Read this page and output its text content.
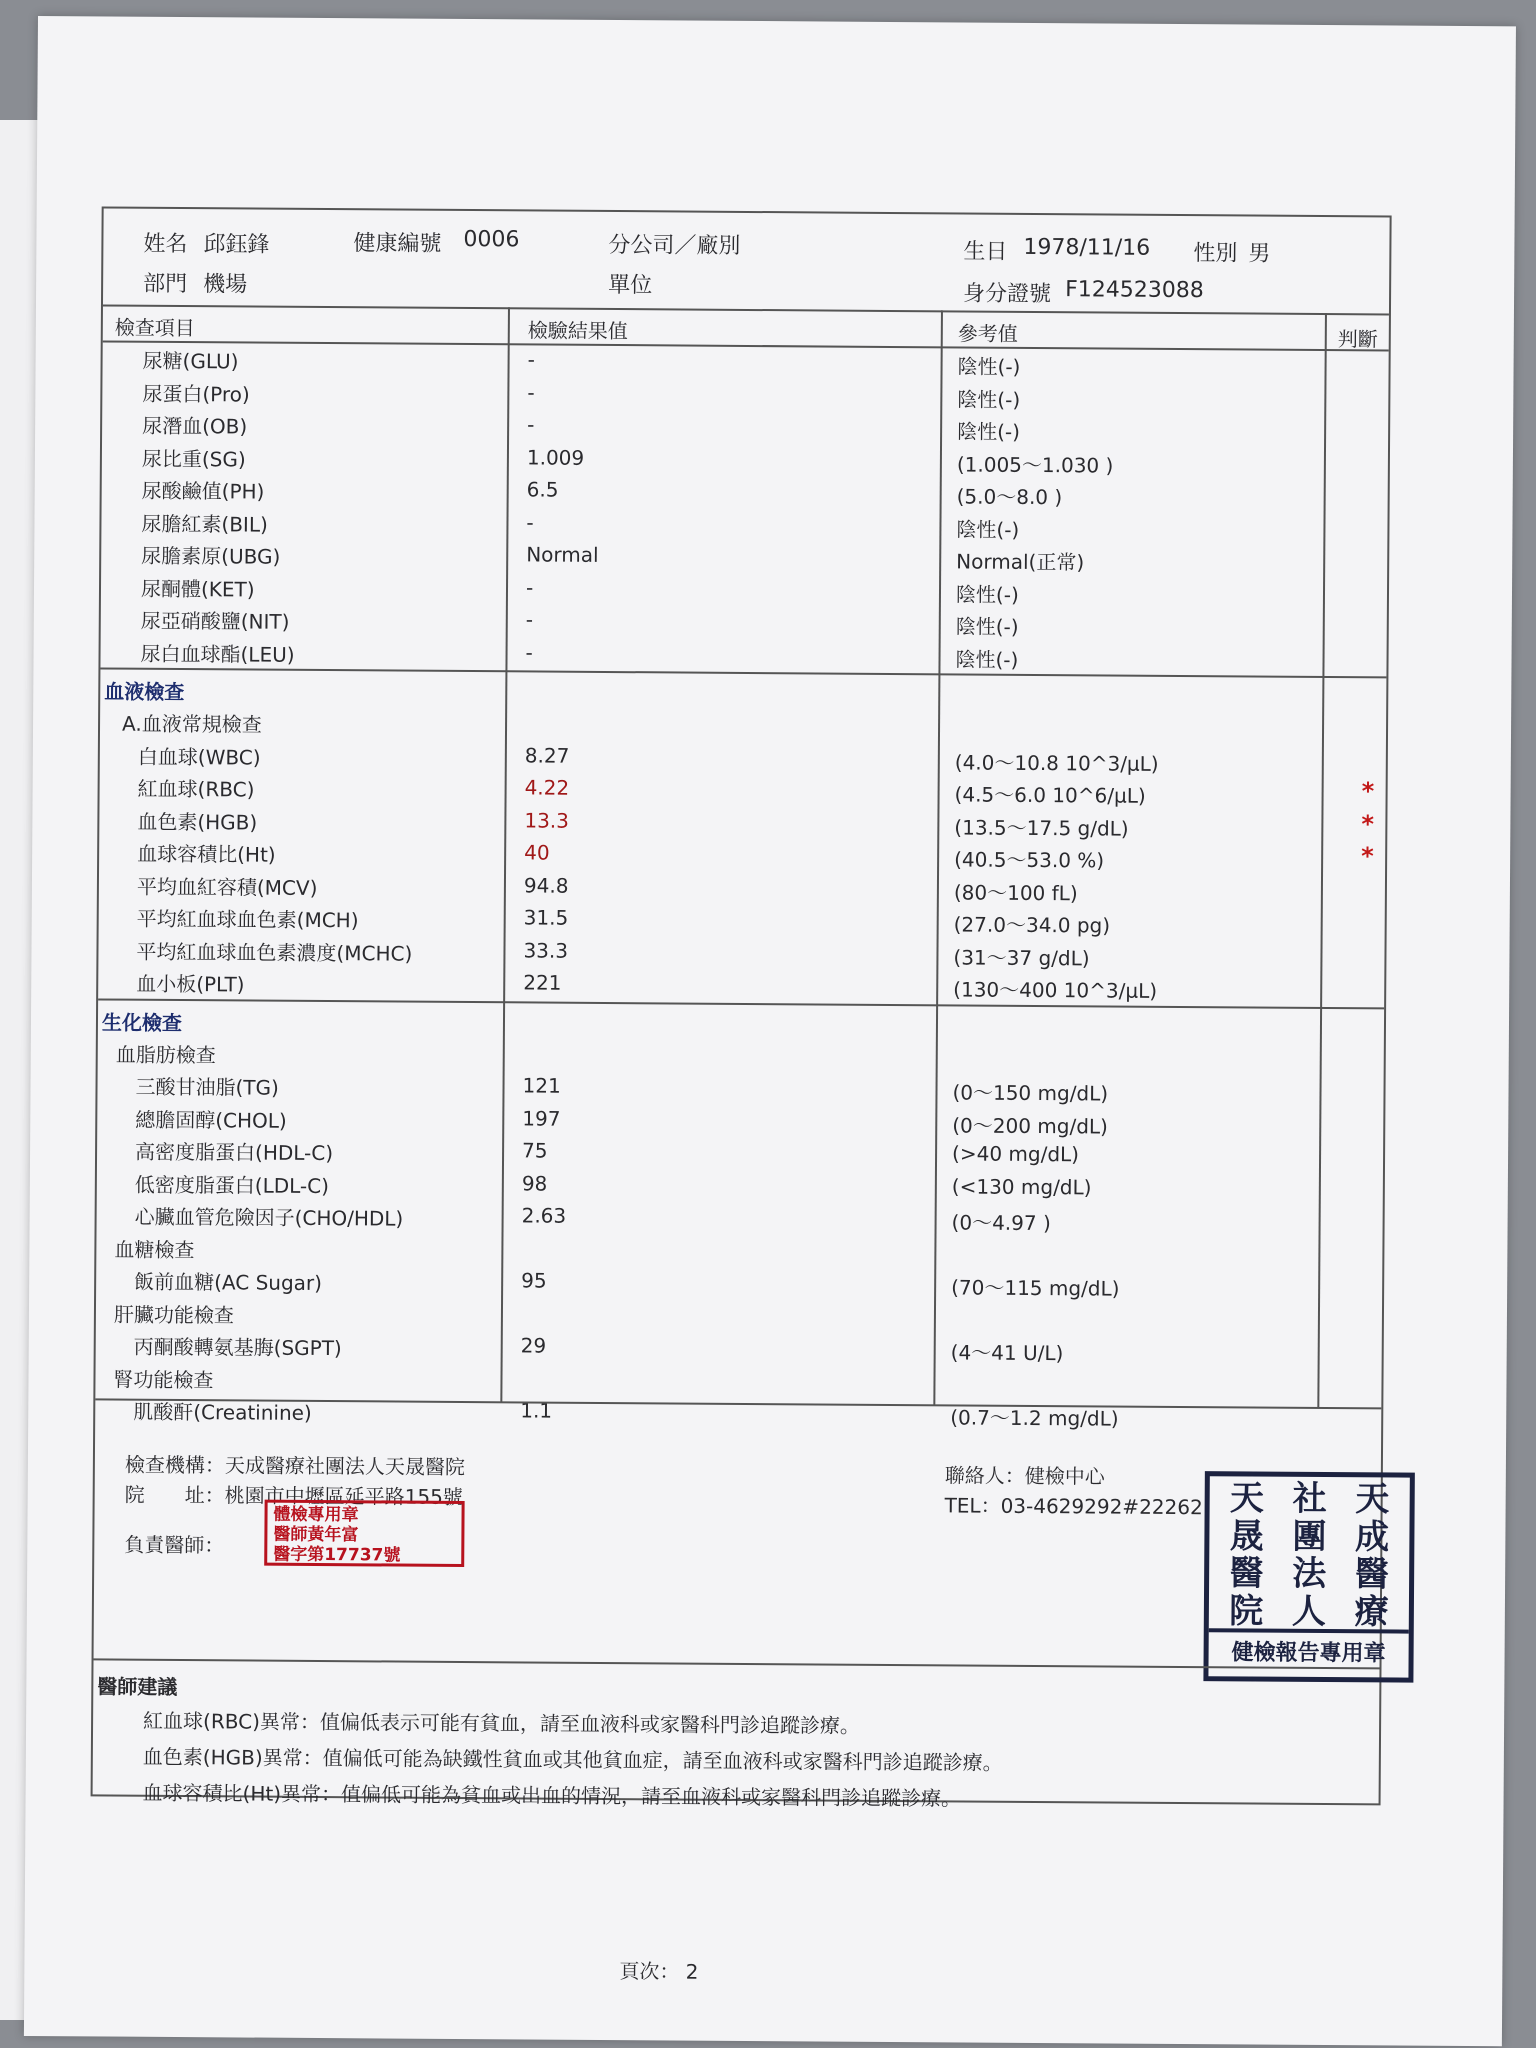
姓名 邱鈺鋒	健康編號 0006	分公司／廠別	生日 1978/11/16 性別 男
部門 機場	單位	身分證號 F124523088
檢查項目	檢驗結果值	參考值	判斷
尿糖(GLU)	-	陰性(-)
尿蛋白(Pro)	-	陰性(-)
尿潛血(OB)	-	陰性(-)
尿比重(SG)	1.009	(1.005～1.030 )
尿酸鹼值(PH)	6.5	(5.0～8.0 )
尿膽紅素(BIL)	-	陰性(-)
尿膽素原(UBG)	Normal	Normal(正常)
尿酮體(KET)	-	陰性(-)
尿亞硝酸鹽(NIT)	-	陰性(-)
尿白血球酯(LEU)	-	陰性(-)
血液檢查
A.血液常規檢查
白血球(WBC)	8.27	(4.0～10.8 10^3/μL)
紅血球(RBC)	4.22	(4.5～6.0 10^6/μL)	*
血色素(HGB)	13.3	(13.5～17.5 g/dL)	*
血球容積比(Ht)	40	(40.5～53.0 %)	*
平均血紅容積(MCV)	94.8	(80～100 fL)
平均紅血球血色素(MCH)	31.5	(27.0～34.0 pg)
平均紅血球血色素濃度(MCHC)	33.3	(31～37 g/dL)
血小板(PLT)	221	(130～400 10^3/μL)
生化檢查
血脂肪檢查
三酸甘油脂(TG)	121	(0～150 mg/dL)
總膽固醇(CHOL)	197	(0～200 mg/dL)
高密度脂蛋白(HDL-C)	75	(>40 mg/dL)
低密度脂蛋白(LDL-C)	98	(<130 mg/dL)
心臟血管危險因子(CHO/HDL)	2.63	(0～4.97 )
血糖檢查
飯前血糖(AC Sugar)	95	(70～115 mg/dL)
肝臟功能檢查
丙酮酸轉氨基脢(SGPT)	29	(4～41 U/L)
腎功能檢查
肌酸酐(Creatinine)	1.1	(0.7～1.2 mg/dL)
檢查機構： 天成醫療社團法人天晟醫院
院　　址： 桃園市中壢區延平路155號
負責醫師：
聯絡人：健檢中心
TEL：03-4629292#22262
體檢專用章
醫師黃年富
醫字第17737號
天 社 天
晟 團 成
醫 法 醫
院 人 療
健檢報告專用章
醫師建議
紅血球(RBC)異常：值偏低表示可能有貧血，請至血液科或家醫科門診追蹤診療。
血色素(HGB)異常：值偏低可能為缺鐵性貧血或其他貧血症，請至血液科或家醫科門診追蹤診療。
血球容積比(Ht)異常：值偏低可能為貧血或出血的情況，請至血液科或家醫科門診追蹤診療。
頁次： 2
